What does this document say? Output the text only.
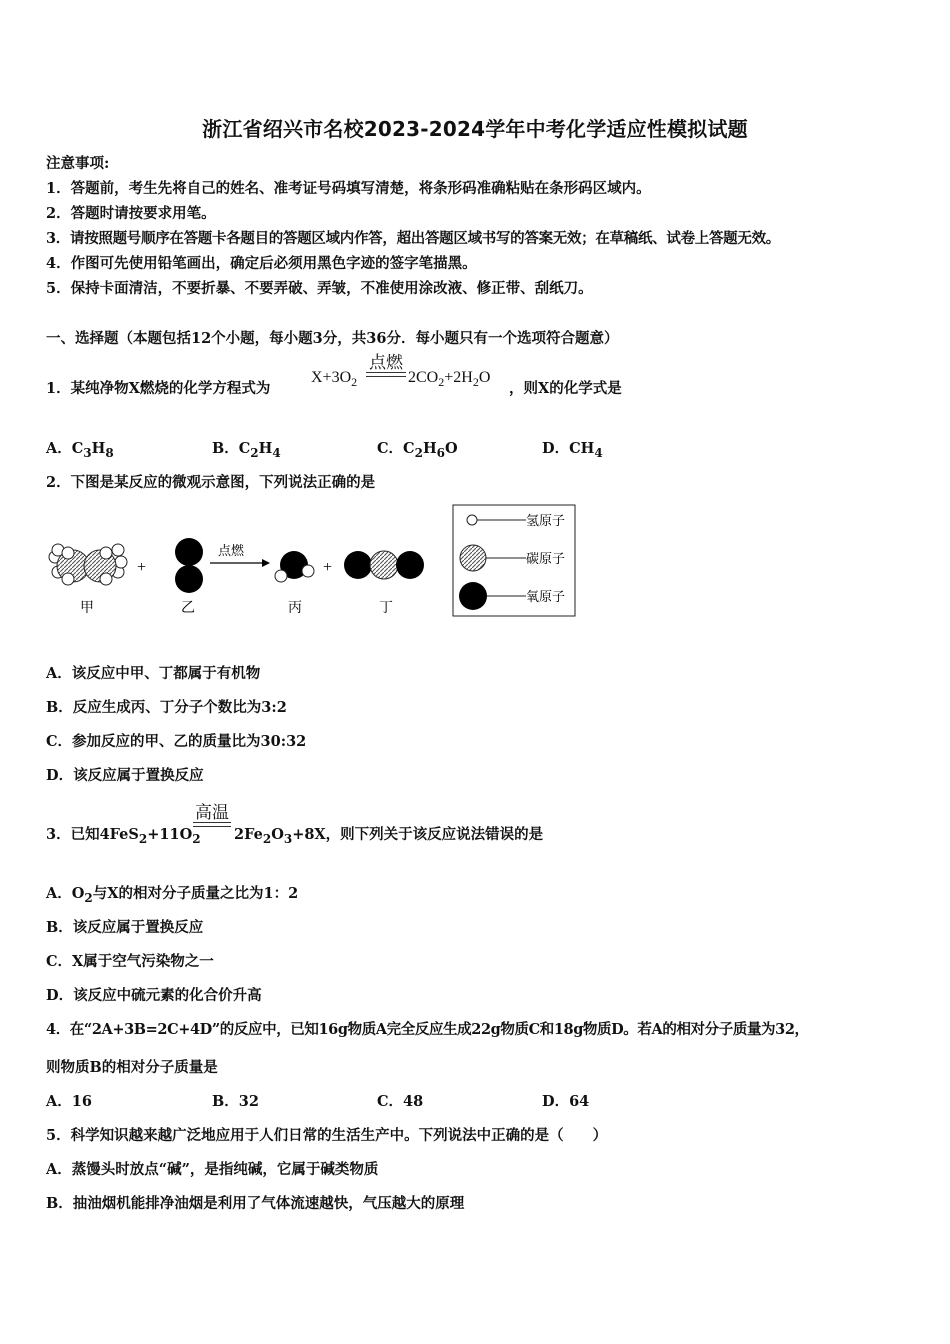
浙江省绍兴市名校2023-2024学年中考化学适应性模拟试题
注意事项:
1．答题前，考生先将自己的姓名、准考证号码填写清楚，将条形码准确粘贴在条形码区域内。
2．答题时请按要求用笔。
3．请按照题号顺序在答题卡各题目的答题区域内作答，超出答题区域书写的答案无效；在草稿纸、试卷上答题无效。
4．作图可先使用铅笔画出，确定后必须用黑色字迹的签字笔描黑。
5．保持卡面清洁，不要折暴、不要弄破、弄皱，不准使用涂改液、修正带、刮纸刀。
一、选择题（本题包括12个小题，每小题3分，共36分．每小题只有一个选项符合题意）
1．某纯净物X燃烧的化学方程式为
$X+3O_2$
点燃
$2CO_2+2H_2O$
，则X的化学式是
A．$C_3H_8$	B．$C_2H_4$	C．$C_2H_6O$	D．$CH_4$
2．下图是某反应的微观示意图，下列说法正确的是
+
点燃
+
甲	乙	丙	丁
氢原子
碳原子
氧原子
A．该反应中甲、丁都属于有机物
B．反应生成丙、丁分子个数比为3:2
C．参加反应的甲、乙的质量比为30:32
D．该反应属于置换反应
3．已知$4FeS_2+11O_2$
高温
$2Fe_2O_3+8X$，则下列关于该反应说法错误的是
A．$O_2$与X的相对分子质量之比为1：2
B．该反应属于置换反应
C．X属于空气污染物之一
D．该反应中硫元素的化合价升高
4．在“2A+3B=2C+4D”的反应中，已知16g物质A完全反应生成22g物质C和18g物质D。若A的相对分子质量为32，
则物质B的相对分子质量是
A．16	B．32	C．48	D．64
5．科学知识越来越广泛地应用于人们日常的生活生产中。下列说法中正确的是（　　）
A．蒸馒头时放点“碱”，是指纯碱，它属于碱类物质
B．抽油烟机能排净油烟是利用了气体流速越快，气压越大的原理
